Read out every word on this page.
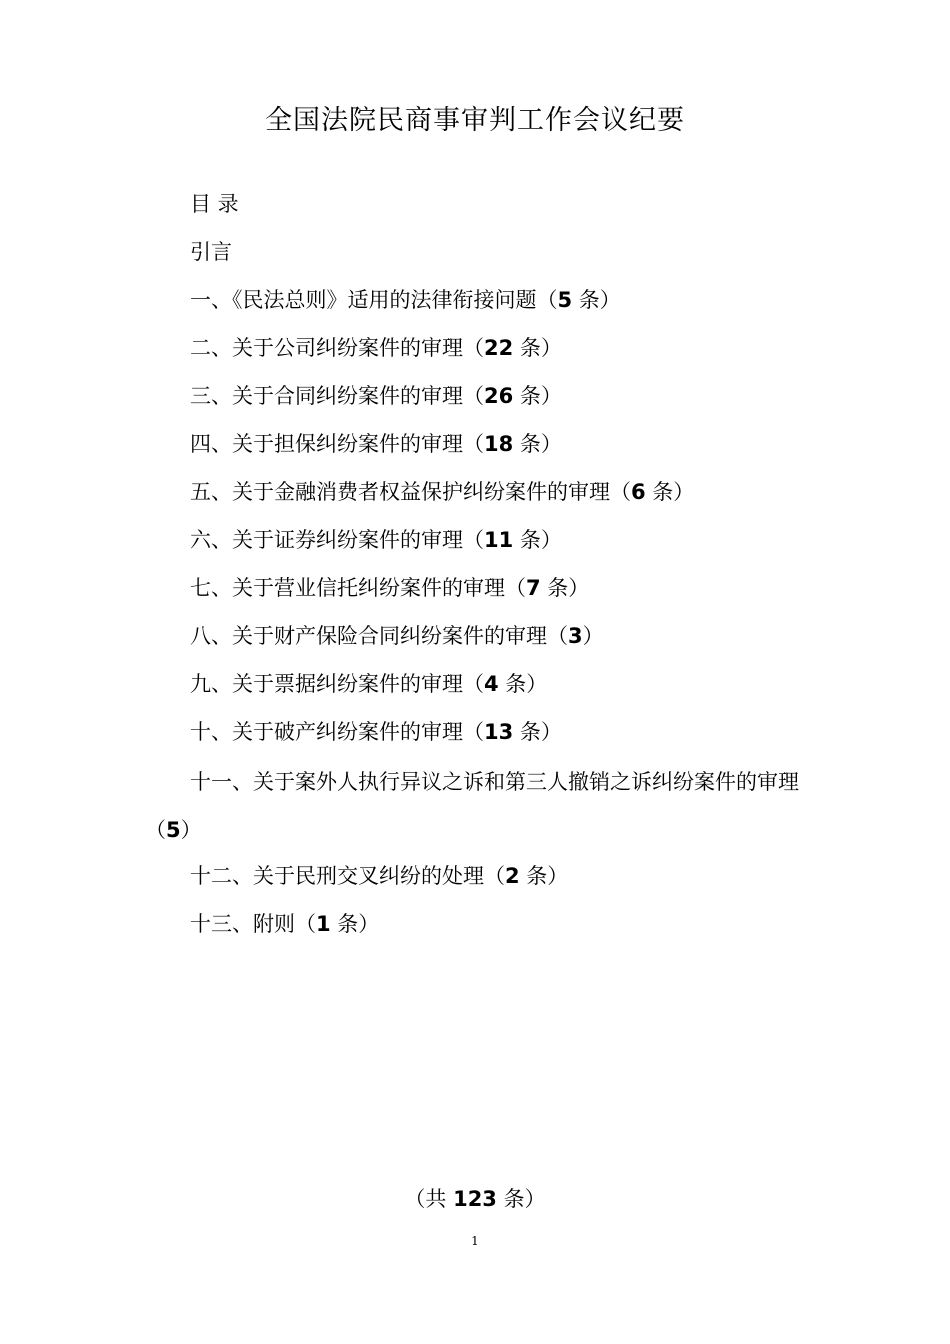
全国法院民商事审判工作会议纪要
目 录
引言
一、《民法总则》适用的法律衔接问题（5 条）
二、关于公司纠纷案件的审理（22 条）
三、关于合同纠纷案件的审理（26 条）
四、关于担保纠纷案件的审理（18 条）
五、关于金融消费者权益保护纠纷案件的审理（6 条）
六、关于证券纠纷案件的审理（11 条）
七、关于营业信托纠纷案件的审理（7 条）
八、关于财产保险合同纠纷案件的审理（3）
九、关于票据纠纷案件的审理（4 条）
十、关于破产纠纷案件的审理（13 条）
十一、关于案外人执行异议之诉和第三人撤销之诉纠纷案件的审理（5）
十二、关于民刑交叉纠纷的处理（2 条）
十三、附则（1 条）
（共 123 条）
1
